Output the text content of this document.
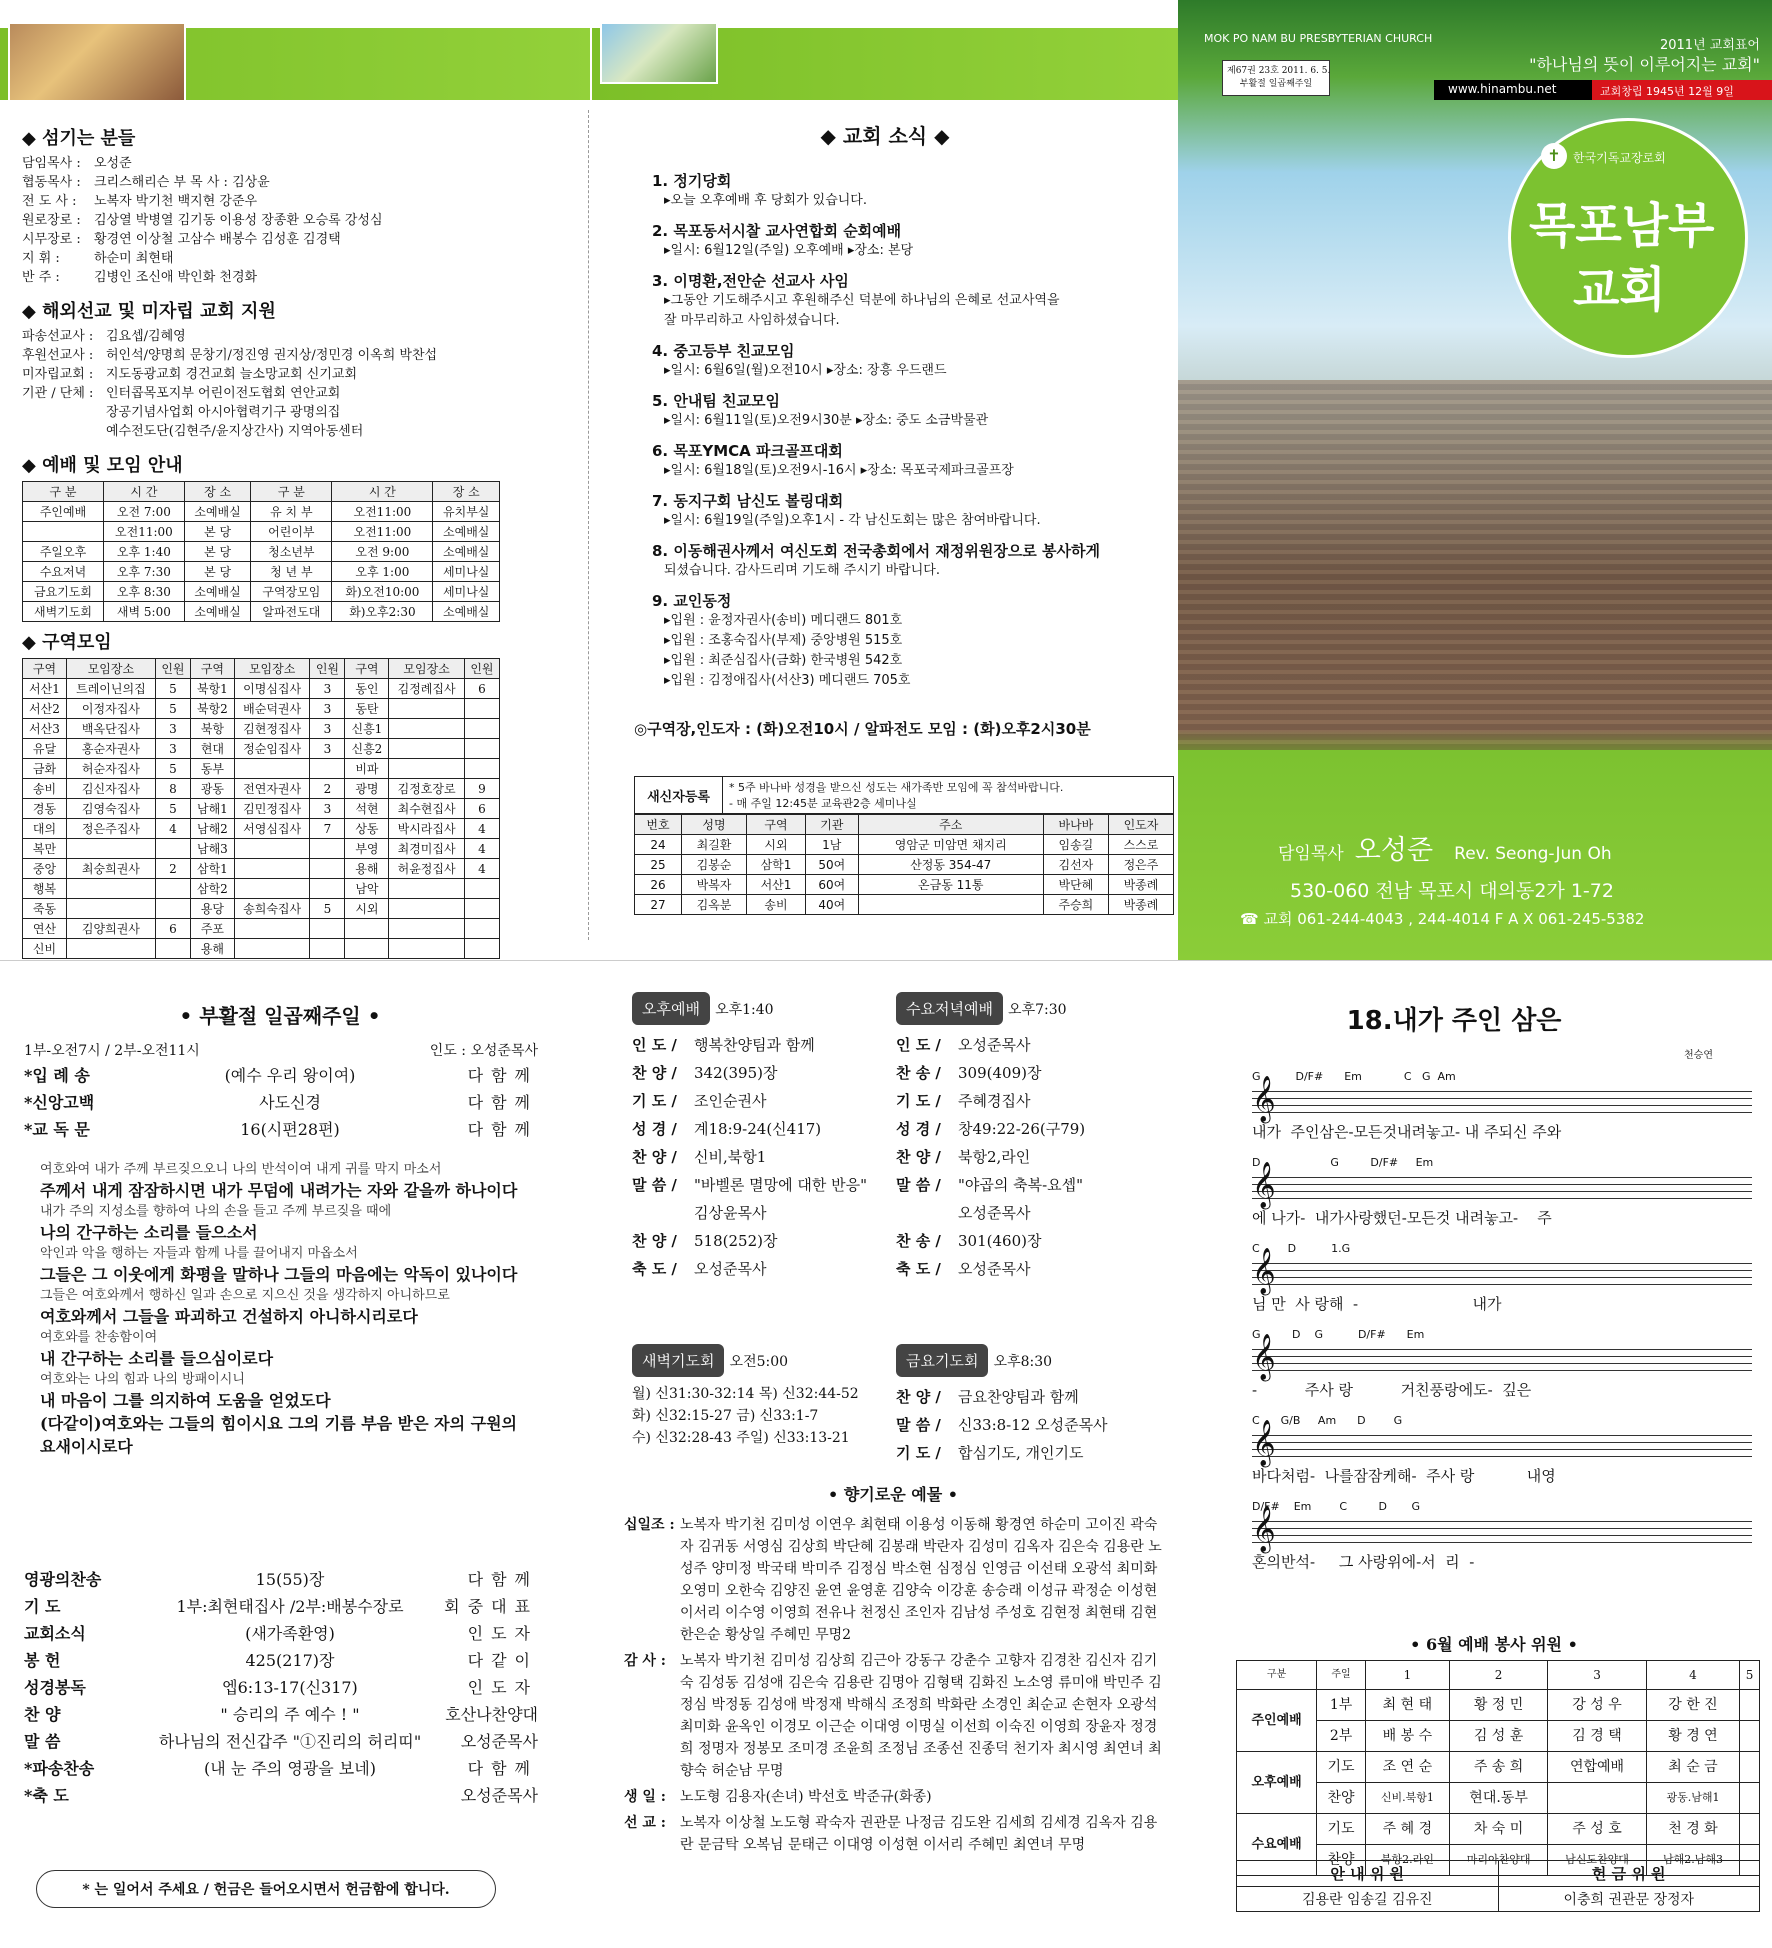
◆ 섬기는 분들
담임목사 : 오성준
협동목사 : 크리스해리슨 부 목 사 : 김상윤
전 도 사 : 노복자 박기천 백지현 강준우
원로장로 : 김상열 박병열 김기동 이용성 장종환 오승록 강성심
시무장로 : 황경연 이상철 고삼수 배봉수 김성훈 김경택
지 휘 :	하순미 최현태
반 주 :	김병인 조신애 박인화 천경화
◆ 해외선교 및 미자립 교회 지원
파송선교사 : 김요셉/김혜영
후원선교사 : 허인석/양명희 문창기/정진영 권지상/정민경 이옥희 박찬섭
미자립교회 : 지도동광교회 경건교회 늘소망교회 신기교회
기관 / 단체 : 인터콥목포지부 어린이전도협회 연안교회
장공기념사업회 아시아협력기구 광명의집
예수전도단(김현주/윤지상간사) 지역아동센터
◆ 예배 및 모임 안내
구 분	시 간	장 소	구 분	시 간	장 소
주인예배	오전 7:00	소예배실	유 치 부	오전11:00	유치부실
	오전11:00	본 당	어린이부	오전11:00	소예배실
주일오후	오후 1:40	본 당	청소년부	오전 9:00	소예배실
수요저녁	오후 7:30	본 당	청 년 부	오후 1:00	세미나실
금요기도회	오후 8:30	소예배실	구역장모임	화)오전10:00	세미나실
새벽기도회	새벽 5:00	소예배실	알파전도대	화)오후2:30	소예배실
◆ 구역모임
구역	모임장소	인원	구역	모임장소	인원	구역	모임장소	인원
서산1	트레이닌의집	5	북항1	이명심집사	3	동인	김정례집사	6
서산2	이정자집사	5	북항2	배순덕권사	3	동탄		
서산3	백옥단집사	3	북항	김현정집사	3	신흥1		
유달	홍순자권사	3	현대	정순임집사	3	신흥2		
금화	허순자집사	5	동부			비파		
송비	김신자집사	8	광동	전연자권사	2	광명	김정호장로	9
경동	김영숙집사	5	남해1	김민정집사	3	석현	최수현집사	6
대의	정은주집사	4	남해2	서영심집사	7	상동	박시라집사	4
복만			남해3			부영	최경미집사	4
중앙	최숭희권사	2	삼학1			용해	허윤정집사	4
행복			삼학2			남악		
죽동			용당	송희숙집사	5	시외		
연산	김양희권사	6	주포					
신비			용해					
◆ 교회 소식 ◆
1. 정기당회
▸오늘 오후예배 후 당회가 있습니다.
2. 목포동서시찰 교사연합회 순회예배
▸일시: 6월12일(주일) 오후예배 ▸장소: 본당
3. 이명환,전안순 선교사 사임
▸그동안 기도해주시고 후원해주신 덕분에 하나님의 은혜로 선교사역을
잘 마무리하고 사임하셨습니다.
4. 중고등부 친교모임
▸일시: 6월6일(월)오전10시 ▸장소: 장흥 우드랜드
5. 안내팀 친교모임
▸일시: 6월11일(토)오전9시30분 ▸장소: 중도 소금박물관
6. 목포YMCA 파크골프대회
▸일시: 6월18일(토)오전9시-16시 ▸장소: 목포국제파크골프장
7. 동지구회 남신도 볼링대회
▸일시: 6월19일(주일)오후1시 - 각 남신도회는 많은 참여바랍니다.
8. 이동해권사께서 여신도회 전국총회에서 재정위원장으로 봉사하게
되셨습니다. 감사드리며 기도해 주시기 바랍니다.
9. 교인동정
▸입원 : 윤정자권사(송비) 메디랜드 801호
▸입원 : 조홍숙집사(부제) 중앙병원 515호
▸입원 : 최준심집사(금화) 한국병원 542호
▸입원 : 김정애집사(서산3) 메디랜드 705호
◎구역장,인도자 : (화)오전10시 / 알파전도 모임 : (화)오후2시30분
새신자등록
* 5주 바나바 성경을 받으신 성도는 새가족반 모임에 꼭 참석바랍니다.
- 매 주일 12:45분 교육관2층 세미나실
번호	성명	구역	기관	주소	바나바	인도자
24	최길환	시외	1남	영암군 미암면 채지리	임송길	스스로
25	김봉순	삼학1	50여	산정동 354-47	김선자	정은주
26	박복자	서산1	60여	온금동 11통	박단혜	박종례
27	김옥분	송비	40여		주승희	박종례
MOK PO NAM BU PRESBYTERIAN CHURCH
제67권 23호 2011. 6. 5.
부활절 일곱째주일
2011년 교회표어
"하나님의 뜻이 이루어지는 교회"
www.hinambu.net	교회창립 1945년 12월 9일
한국기독교장로회
✝
목포남부
교회
담임목사 오성준 Rev. Seong-Jun Oh
530-060 전남 목포시 대의동2가 1-72
☎ 교회 061-244-4043 , 244-4014 F A X 061-245-5382
• 부활절 일곱째주일 •
1부-오전7시 / 2부-오전11시	인도 : 오성준목사
*입 례 송	(예수 우리 왕이여)	다함께
*신앙고백	사도신경	다함께
*교 독 문	16(시편28편)	다함께
여호와여 내가 주께 부르짖으오니 나의 반석이여 내게 귀를 막지 마소서
주께서 내게 잠잠하시면 내가 무덤에 내려가는 자와 같을까 하나이다
내가 주의 지성소를 향하여 나의 손을 들고 주께 부르짖을 때에
나의 간구하는 소리를 들으소서
악인과 악을 행하는 자들과 함께 나를 끌어내지 마옵소서
그들은 그 이웃에게 화평을 말하나 그들의 마음에는 악독이 있나이다
그들은 여호와께서 행하신 일과 손으로 지으신 것을 생각하지 아니하므로
여호와께서 그들을 파괴하고 건설하지 아니하시리로다
여호와를 찬송함이여
내 간구하는 소리를 들으심이로다
여호와는 나의 힘과 나의 방패이시니
내 마음이 그를 의지하여 도움을 얻었도다
(다같이)여호와는 그들의 힘이시요 그의 기름 부음 받은 자의 구원의 요새이시로다
영광의찬송	15(55)장	다함께
기 도	1부:최현태집사 /2부:배봉수장로	회중대표
교회소식	(새가족환영)	인도자
봉 헌	425(217)장	다같이
성경봉독	엡6:13-17(신317)	인도자
찬 양	" 승리의 주 예수 ! "	호산나찬양대
말 씀	하나님의 전신갑주 "①진리의 허리띠"	오성준목사
*파송찬송	(내 눈 주의 영광을 보네)	다함께
*축 도	오성준목사
* 는 일어서 주세요 / 헌금은 들어오시면서 헌금함에 합니다.
오후예배 오후1:40
인 도 / 행복찬양팀과 함께
찬 양 / 342(395)장
기 도 / 조인순권사
성 경 / 계18:9-24(신417)
찬 양 / 신비,북항1
말 씀 / "바벨론 멸망에 대한 반응"
김상윤목사
찬 양 / 518(252)장
축 도 / 오성준목사
수요저녁예배 오후7:30
인 도 / 오성준목사
찬 송 / 309(409)장
기 도 / 주혜경집사
성 경 / 창49:22-26(구79)
찬 양 / 북항2,라인
말 씀 / "야곱의 축복-요셉"
오성준목사
찬 송 / 301(460)장
축 도 / 오성준목사
새벽기도회 오전5:00
월) 신31:30-32:14 목) 신32:44-52
화) 신32:15-27 금) 신33:1-7
수) 신32:28-43 주일) 신33:13-21
금요기도회 오후8:30
찬 양 / 금요찬양팀과 함께
말 씀 / 신33:8-12 오성준목사
기 도 / 합심기도, 개인기도
• 향기로운 예물 •
십일조 : 노복자 박기천 김미성 이연우 최현태 이용성 이동해 황경연 하순미 고이진 곽숙자 김귀동 서영심 김상희 박단혜 김봉래 박란자 김성미 김옥자 김은숙 김용란 노성주 양미정 박국태 박미주 김정심 박소현 심정심 인영금 이선태 오광석 최미화 오영미 오한숙 김양진 윤연 윤영훈 김양숙 이강훈 송승래 이성규 곽정순 이성현 이서리 이수영 이영희 전유나 천정신 조인자 김남성 주성호 김현정 최현태 김현 한은순 황상일 주혜민 무명2
감 사 :	노복자 박기천 김미성 김상희 김근아 강동구 강춘수 고향자 김경찬 김신자 김기숙 김성동 김성애 김은숙 김용란 김명아 김형택 김화진 노소영 류미애 박민주 김정심 박정동 김성애 박정재 박해식 조정희 박화란 소경인 최순교 손현자 오광석 최미화 윤옥인 이경모 이근순 이대영 이명실 이선희 이숙진 이영희 장윤자 정경희 정명자 정봉모 조미경 조윤희 조정님 조종선 진종덕 천기자 최시영 최연녀 최향숙 허순남 무명
생 일 :	노도형 김용자(손녀) 박선호 박준규(화종)
선 교 :	노복자 이상철 노도형 곽숙자 권관문 나정금 김도완 김세희 김세경 김옥자 김용란 문금탁 오복님 문태근 이대영 이성현 이서리 주혜민 최연녀 무명
18.내가 주인 삼은
천승연
G          D/F#      Em            C   G  Am
𝄞
내가  주인삼은-모든것내려놓고- 내 주되신 주와
D                    G         D/F#     Em
𝄞
에 나가-  내가사랑했던-모든것 내려놓고-    주
C        D          1.G
𝄞
님 만  사 랑해  -                        내가
G         D    G          D/F#      Em
𝄞
-          주사 랑          거친풍랑에도-  깊은
C      G/B     Am      D        G
𝄞
바다처럼-  나를잠잠케해-  주사 랑           내영
D/F#    Em        C         D       G
𝄞
혼의반석-     그 사랑위에-서  리  -
• 6월 예배 봉사 위원 •
구분	주일	1	2	3	4	5
주인예배	1부	최 현 태	황 정 민	강 성 우	강 한 진	
	2부	배 봉 수	김 성 훈	김 경 택	황 경 연	
오후예배	기도	조 연 순	주 송 희	연합예배	최 순 금	
	찬양	신비.북항1	현대.동부		광동.남해1	
수요예배	기도	주 혜 경	차 숙 미	주 성 호	천 경 화	
	찬양	북항2.라인	마리아찬양대	남신도찬양대	남해2.남해3	
안 내 위 원	헌 금 위 원
김용란 임송길 김유진	이충희 권관문 장정자
